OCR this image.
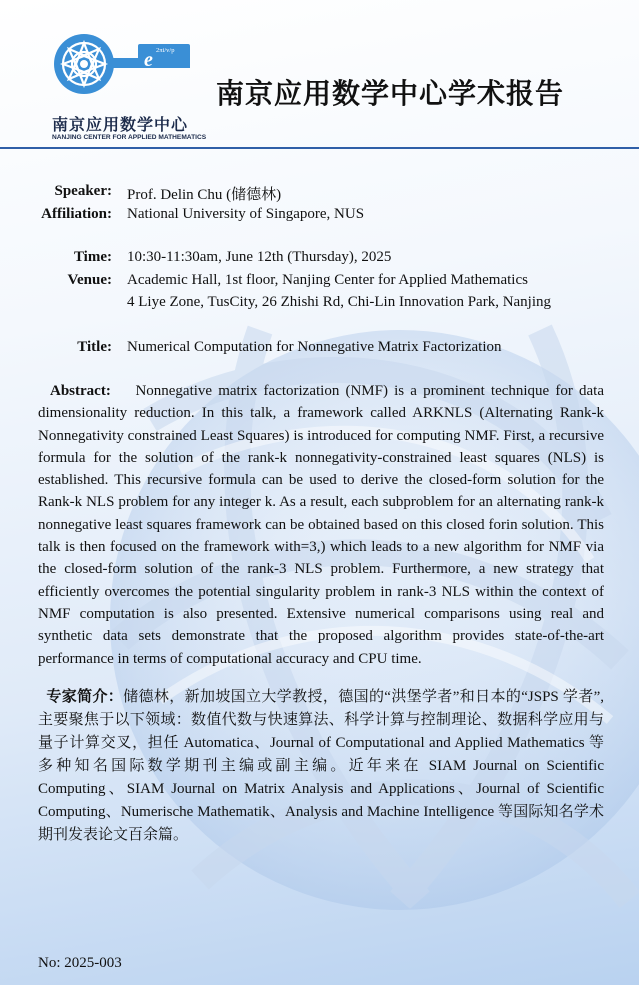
e 2πi/v/p
南京应用数学中心
NANJING CENTER FOR APPLIED MATHEMATICS
南京应用数学中心学术报告
Speaker: Prof. Delin Chu (储德林)
Affiliation: National University of Singapore, NUS
Time: 10:30-11:30am, June 12th (Thursday), 2025
Venue: Academic Hall, 1st floor, Nanjing Center for Applied Mathematics
4 Liye Zone, TusCity, 26 Zhishi Rd, Chi-Lin Innovation Park, Nanjing
Title: Numerical Computation for Nonnegative Matrix Factorization
Abstract: Nonnegative matrix factorization (NMF) is a prominent technique for data dimensionality reduction. In this talk, a framework called ARKNLS (Alternating Rank-k Nonnegativity constrained Least Squares) is introduced for computing NMF. First, a recursive formula for the solution of the rank-k nonnegativity-constrained least squares (NLS) is established. This recursive formula can be used to derive the closed-form solution for the Rank-k NLS problem for any integer k. As a result, each subproblem for an alternating rank-k nonnegative least squares framework can be obtained based on this closed forin solution. This talk is then focused on the framework with=3,) which leads to a new algorithm for NMF via the closed-form solution of the rank-3 NLS problem. Furthermore, a new strategy that efficiently overcomes the potential singularity problem in rank-3 NLS within the context of NMF computation is also presented. Extensive numerical comparisons using real and synthetic data sets demonstrate that the proposed algorithm provides state-of-the-art performance in terms of computational accuracy and CPU time.
专家简介：储德林，新加坡国立大学教授，德国的“洪堡学者”和日本的“JSPS 学者”,主要聚焦于以下领域：数值代数与快速算法、科学计算与控制理论、数据科学应用与量子计算交叉，担任 Automatica、Journal of Computational and Applied Mathematics 等多种知名国际数学期刊主编或副主编。近年来在 SIAM Journal on Scientific Computing、SIAM Journal on Matrix Analysis and Applications、Journal of Scientific Computing、Numerische Mathematik、Analysis and Machine Intelligence 等国际知名学术期刊发表论文百余篇。
No: 2025-003
